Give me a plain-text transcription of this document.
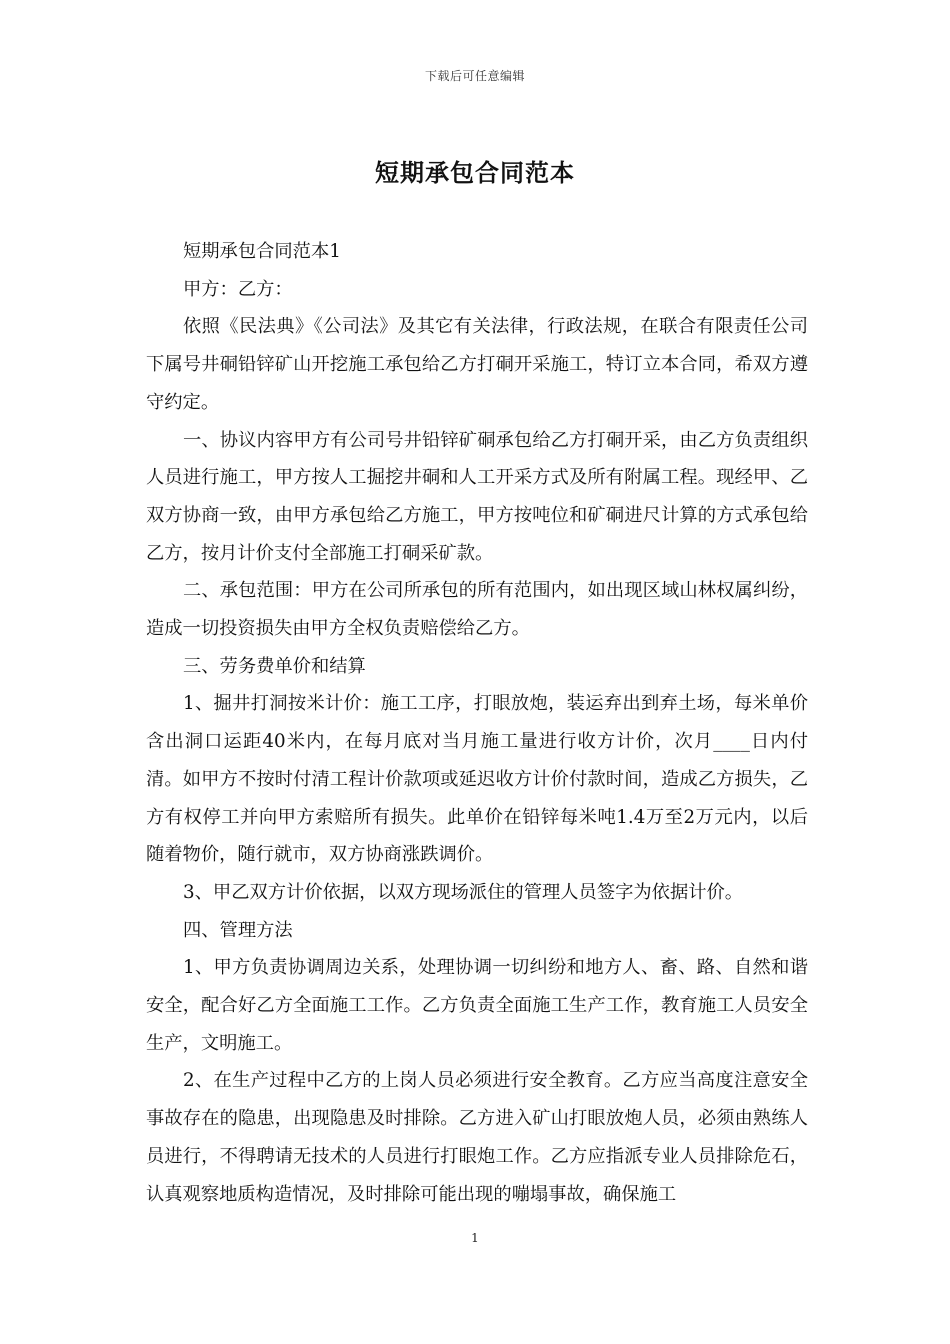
下载后可任意编辑
短期承包合同范本

短期承包合同范本1

甲方：乙方：

依照《民法典》《公司法》及其它有关法律，行政法规，在联合有限责任公司下属号井硐铅锌矿山开挖施工承包给乙方打硐开采施工，特订立本合同，希双方遵守约定。

一、协议内容甲方有公司号井铅锌矿硐承包给乙方打硐开采，由乙方负责组织人员进行施工，甲方按人工掘挖井硐和人工开采方式及所有附属工程。现经甲、乙双方协商一致，由甲方承包给乙方施工，甲方按吨位和矿硐进尺计算的方式承包给乙方，按月计价支付全部施工打硐采矿款。

二、承包范围：甲方在公司所承包的所有范围内，如出现区域山林权属纠纷，造成一切投资损失由甲方全权负责赔偿给乙方。

三、劳务费单价和结算

1、掘井打洞按米计价：施工工序，打眼放炮，装运弃出到弃土场，每米单价含出洞口运距40米内，在每月底对当月施工量进行收方计价，次月____日内付清。如甲方不按时付清工程计价款项或延迟收方计价付款时间，造成乙方损失，乙方有权停工并向甲方索赔所有损失。此单价在铅锌每米吨1.4万至2万元内，以后随着物价，随行就市，双方协商涨跌调价。

3、甲乙双方计价依据，以双方现场派住的管理人员签字为依据计价。

四、管理方法

1、甲方负责协调周边关系，处理协调一切纠纷和地方人、畜、路、自然和谐安全，配合好乙方全面施工工作。乙方负责全面施工生产工作，教育施工人员安全生产，文明施工。

2、在生产过程中乙方的上岗人员必须进行安全教育。乙方应当高度注意安全事故存在的隐患，出现隐患及时排除。乙方进入矿山打眼放炮人员，必须由熟练人员进行，不得聘请无技术的人员进行打眼炮工作。乙方应指派专业人员排除危石，认真观察地质构造情况，及时排除可能出现的嘣塌事故，确保施工

1
